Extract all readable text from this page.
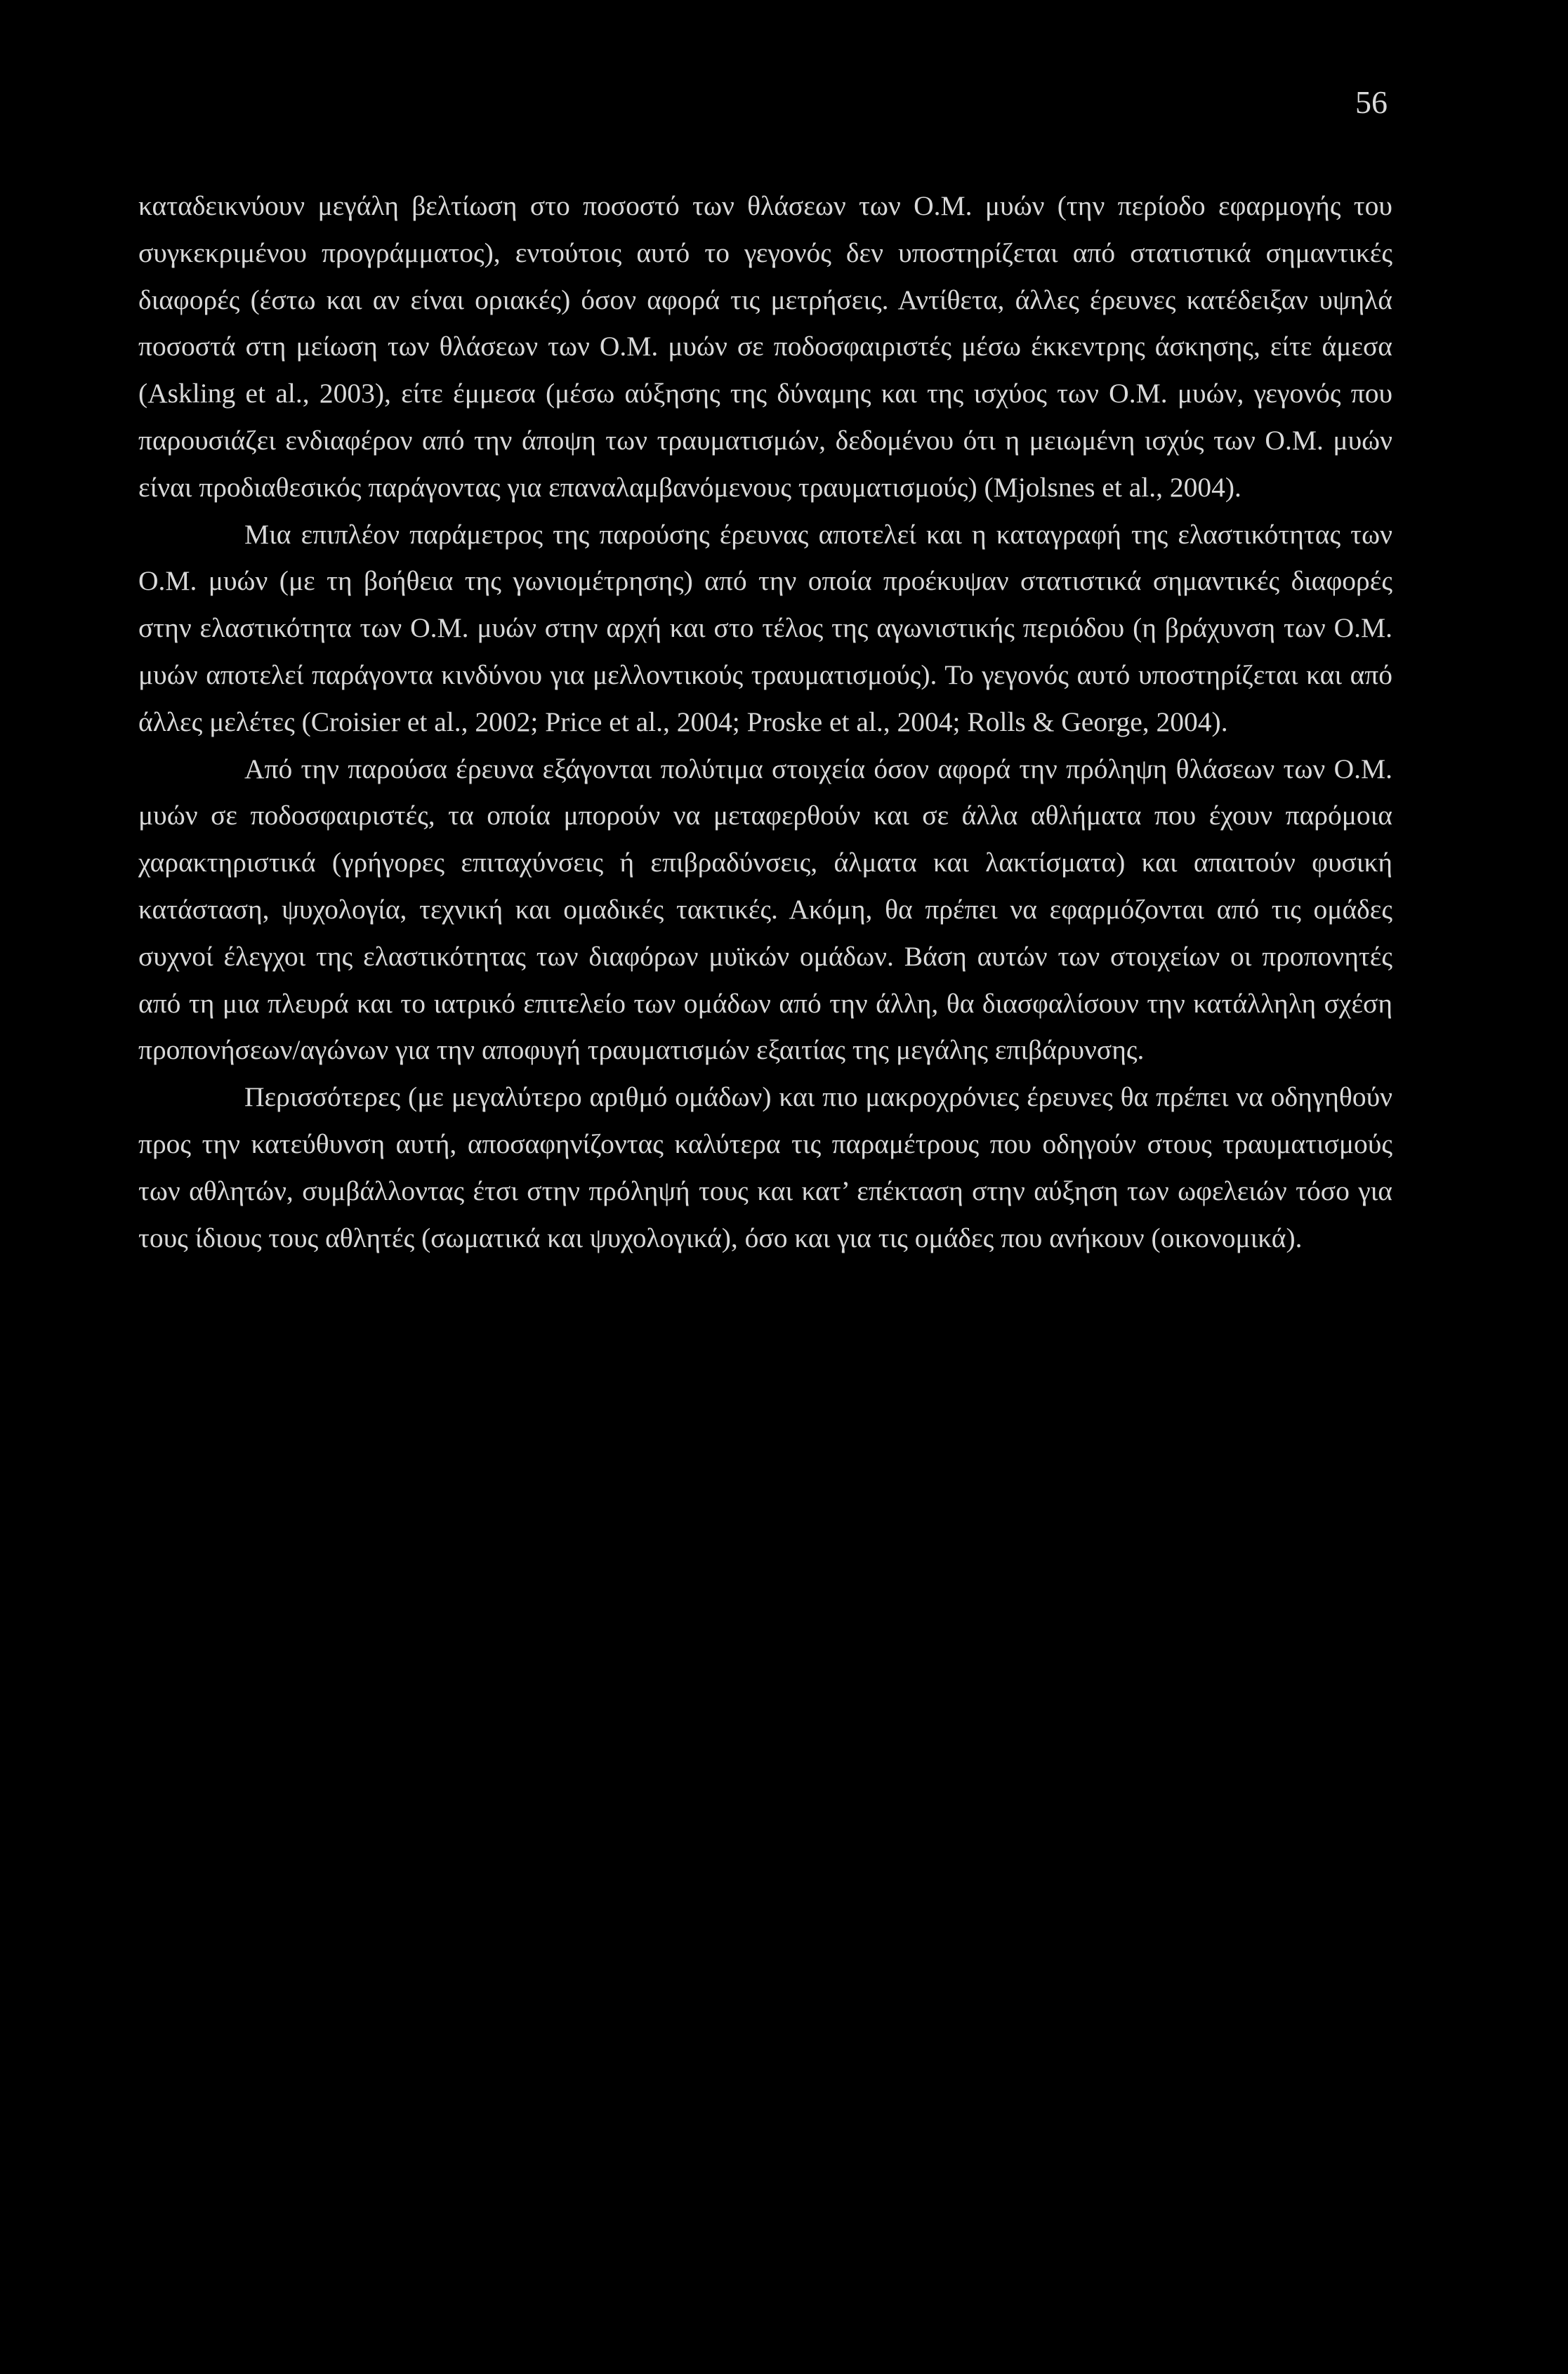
56

καταδεικνύουν μεγάλη βελτίωση στο ποσοστό των θλάσεων των Ο.Μ. μυών (την περίοδο εφαρμογής του συγκεκριμένου προγράμματος), εντούτοις αυτό το γεγονός δεν υποστηρίζεται από στατιστικά σημαντικές διαφορές (έστω και αν είναι οριακές) όσον αφορά τις μετρήσεις. Αντίθετα, άλλες έρευνες κατέδειξαν υψηλά ποσοστά στη μείωση των θλάσεων των Ο.Μ. μυών σε ποδοσφαιριστές μέσω έκκεντρης άσκησης, είτε άμεσα (Askling et al., 2003), είτε έμμεσα (μέσω αύξησης της δύναμης και της ισχύος των Ο.Μ. μυών, γεγονός που παρουσιάζει ενδιαφέρον από την άποψη των τραυματισμών, δεδομένου ότι η μειωμένη ισχύς των Ο.Μ. μυών είναι προδιαθεσικός παράγοντας για επαναλαμβανόμενους τραυματισμούς) (Mjolsnes et al., 2004).

Μια επιπλέον παράμετρος της παρούσης έρευνας αποτελεί και η καταγραφή της ελαστικότητας των Ο.Μ. μυών (με τη βοήθεια της γωνιομέτρησης) από την οποία προέκυψαν στατιστικά σημαντικές διαφορές στην ελαστικότητα των Ο.Μ. μυών στην αρχή και στο τέλος της αγωνιστικής περιόδου (η βράχυνση των Ο.Μ. μυών αποτελεί παράγοντα κινδύνου για μελλοντικούς τραυματισμούς). Το γεγονός αυτό υποστηρίζεται και από άλλες μελέτες (Croisier et al., 2002; Price et al., 2004; Proske et al., 2004; Rolls & George, 2004).

Από την παρούσα έρευνα εξάγονται πολύτιμα στοιχεία όσον αφορά την πρόληψη θλάσεων των Ο.Μ. μυών σε ποδοσφαιριστές, τα οποία μπορούν να μεταφερθούν και σε άλλα αθλήματα που έχουν παρόμοια χαρακτηριστικά (γρήγορες επιταχύνσεις ή επιβραδύνσεις, άλματα και λακτίσματα) και απαιτούν φυσική κατάσταση, ψυχολογία, τεχνική και ομαδικές τακτικές. Ακόμη, θα πρέπει να εφαρμόζονται από τις ομάδες συχνοί έλεγχοι της ελαστικότητας των διαφόρων μυϊκών ομάδων. Βάση αυτών των στοιχείων οι προπονητές από τη μια πλευρά και το ιατρικό επιτελείο των ομάδων από την άλλη, θα διασφαλίσουν την κατάλληλη σχέση προπονήσεων/αγώνων για την αποφυγή τραυματισμών εξαιτίας της μεγάλης επιβάρυνσης.

Περισσότερες (με μεγαλύτερο αριθμό ομάδων) και πιο μακροχρόνιες έρευνες θα πρέπει να οδηγηθούν προς την κατεύθυνση αυτή, αποσαφηνίζοντας καλύτερα τις παραμέτρους που οδηγούν στους τραυματισμούς των αθλητών, συμβάλλοντας έτσι στην πρόληψή τους και κατ’ επέκταση στην αύξηση των ωφελειών τόσο για τους ίδιους τους αθλητές (σωματικά και ψυχολογικά), όσο και για τις ομάδες που ανήκουν (οικονομικά).
